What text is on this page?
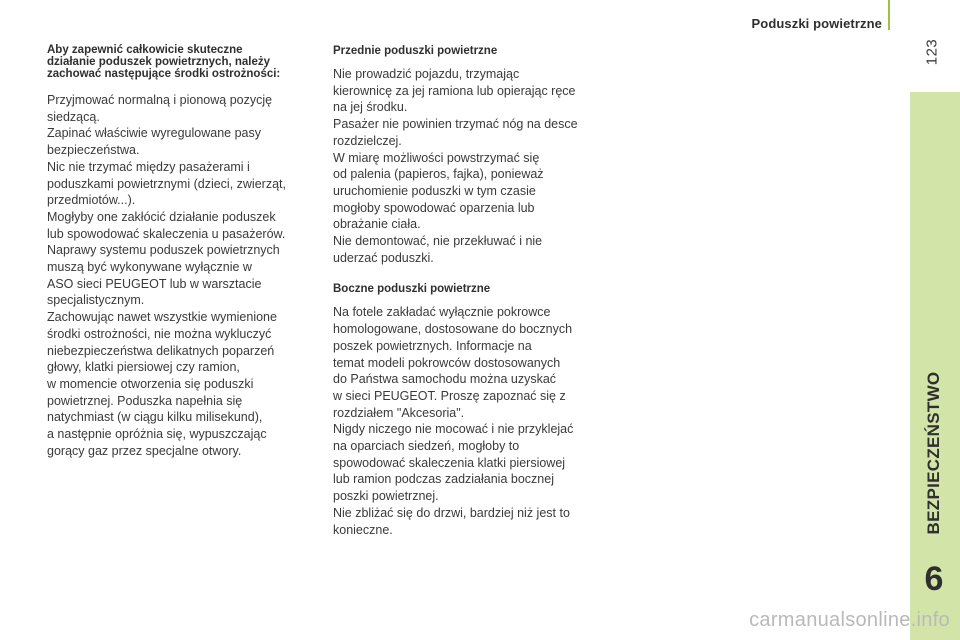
Poduszki powietrzne
123
BEZPIECZEŃSTWO
6
Aby zapewnić całkowicie skuteczne
działanie poduszek powietrznych, należy
zachować następujące środki ostrożności:
Przyjmować normalną i pionową pozycję
siedzącą.
Zapinać właściwie wyregulowane pasy
bezpieczeństwa.
Nic nie trzymać między pasażerami i
poduszkami powietrznymi (dzieci, zwierząt,
przedmiotów...).
Mogłyby one zakłócić działanie poduszek
lub spowodować skaleczenia u pasażerów.
Naprawy systemu poduszek powietrznych
muszą być wykonywane wyłącznie w
ASO sieci PEUGEOT lub w warsztacie
specjalistycznym.
Zachowując nawet wszystkie wymienione
środki ostrożności, nie można wykluczyć
niebezpieczeństwa delikatnych poparzeń
głowy, klatki piersiowej czy ramion,
w momencie otworzenia się poduszki
powietrznej. Poduszka napełnia się
natychmiast (w ciągu kilku milisekund),
a następnie opróżnia się, wypuszczając
gorący gaz przez specjalne otwory.
Przednie poduszki powietrzne
Nie prowadzić pojazdu, trzymając
kierownicę za jej ramiona lub opierając ręce
na jej środku.
Pasażer nie powinien trzymać nóg na desce
rozdzielczej.
W miarę możliwości powstrzymać się
od palenia (papieros, fajka), ponieważ
uruchomienie poduszki w tym czasie
mogłoby spowodować oparzenia lub
obrażanie ciała.
Nie demontować, nie przekłuwać i nie
uderzać poduszki.
Boczne poduszki powietrzne
Na fotele zakładać wyłącznie pokrowce
homologowane, dostosowane do bocznych
poszek powietrznych. Informacje na
temat modeli pokrowców dostosowanych
do Państwa samochodu można uzyskać
w sieci PEUGEOT. Proszę zapoznać się z
rozdziałem "Akcesoria".
Nigdy niczego nie mocować i nie przyklejać
na oparciach siedzeń, mogłoby to
spowodować skaleczenia klatki piersiowej
lub ramion podczas zadziałania bocznej
poszki powietrznej.
Nie zbliżać się do drzwi, bardziej niż jest to
konieczne.
carmanualsonline.info
